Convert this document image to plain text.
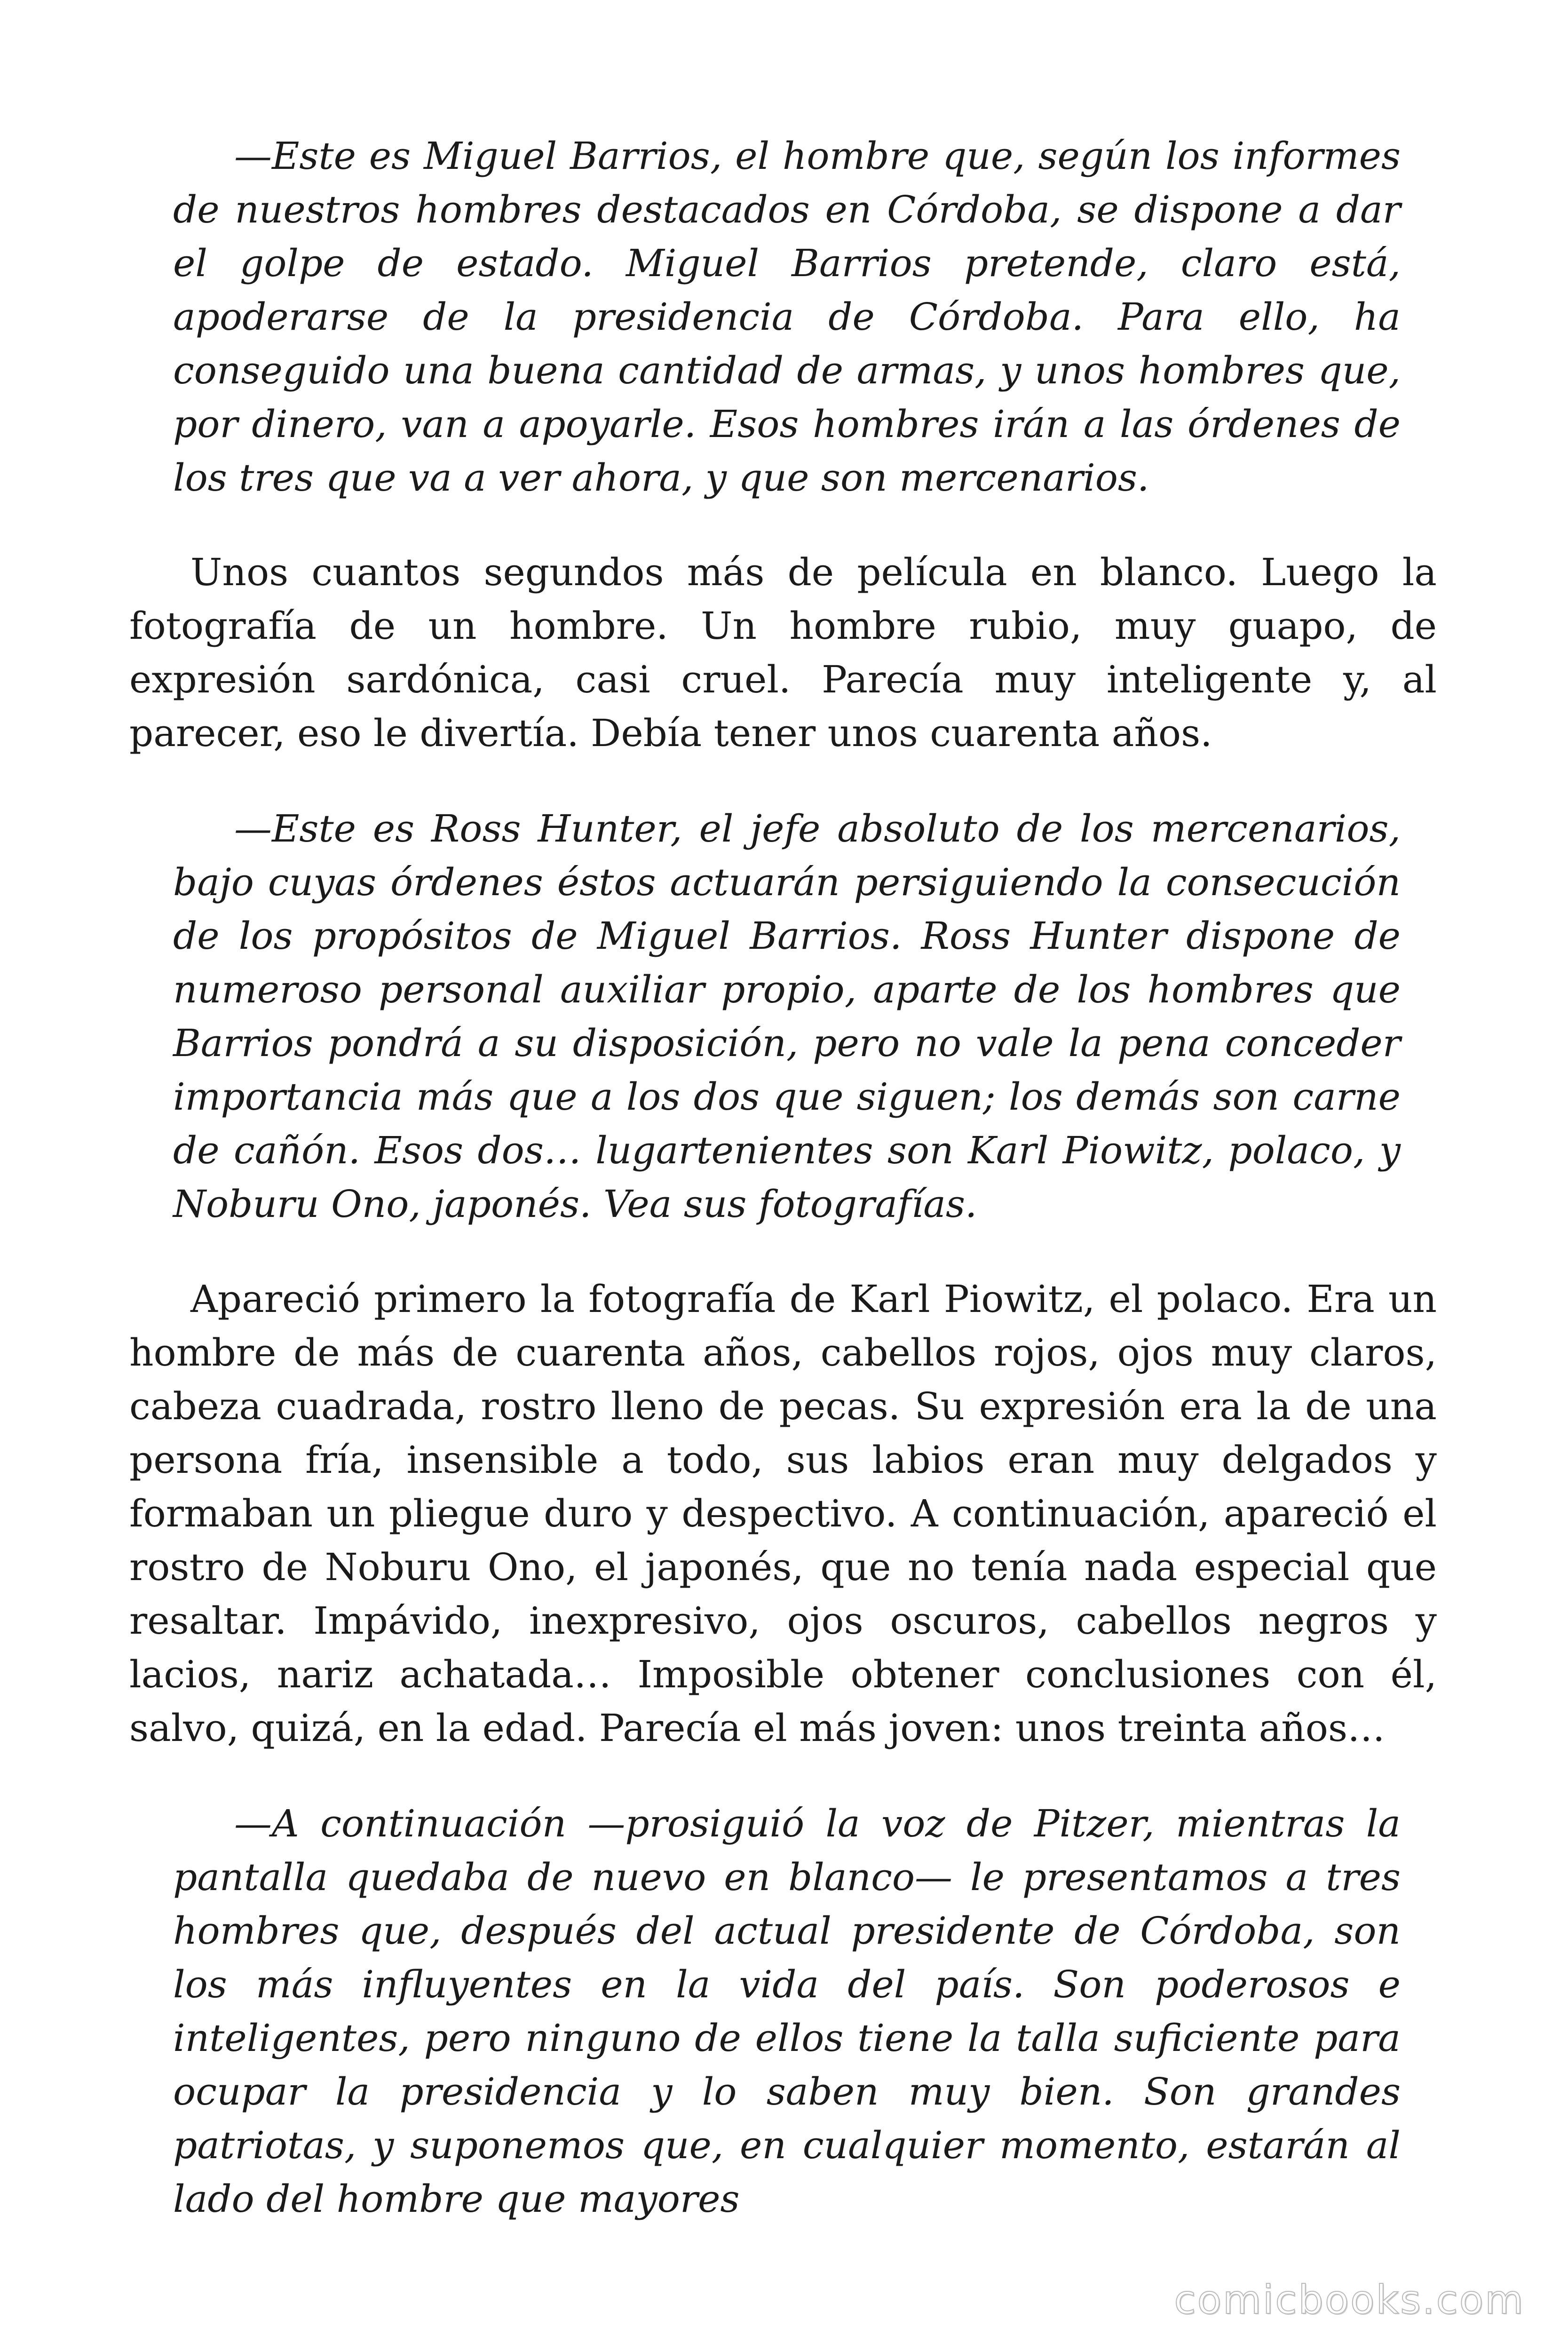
—Este es Miguel Barrios, el hombre que, según los informes de nuestros hombres destacados en Córdoba, se dispone a dar el golpe de estado. Miguel Barrios pretende, claro está, apoderarse de la presidencia de Córdoba. Para ello, ha conseguido una buena cantidad de armas, y unos hombres que, por dinero, van a apoyarle. Esos hombres irán a las órdenes de los tres que va a ver ahora, y que son mercenarios.

Unos cuantos segundos más de película en blanco. Luego la fotografía de un hombre. Un hombre rubio, muy guapo, de expresión sardónica, casi cruel. Parecía muy inteligente y, al parecer, eso le divertía. Debía tener unos cuarenta años.

—Este es Ross Hunter, el jefe absoluto de los mercenarios, bajo cuyas órdenes éstos actuarán persiguiendo la consecución de los propósitos de Miguel Barrios. Ross Hunter dispone de numeroso personal auxiliar propio, aparte de los hombres que Barrios pondrá a su disposición, pero no vale la pena conceder importancia más que a los dos que siguen; los demás son carne de cañón. Esos dos… lugartenientes son Karl Piowitz, polaco, y Noburu Ono, japonés. Vea sus fotografías.

Apareció primero la fotografía de Karl Piowitz, el polaco. Era un hombre de más de cuarenta años, cabellos rojos, ojos muy claros, cabeza cuadrada, rostro lleno de pecas. Su expresión era la de una persona fría, insensible a todo, sus labios eran muy delgados y formaban un pliegue duro y despectivo. A continuación, apareció el rostro de Noburu Ono, el japonés, que no tenía nada especial que resaltar. Impávido, inexpresivo, ojos oscuros, cabellos negros y lacios, nariz achatada… Imposible obtener conclusiones con él, salvo, quizá, en la edad. Parecía el más joven: unos treinta años…

—A continuación —prosiguió la voz de Pitzer, mientras la pantalla quedaba de nuevo en blanco— le presentamos a tres hombres que, después del actual presidente de Córdoba, son los más influyentes en la vida del país. Son poderosos e inteligentes, pero ninguno de ellos tiene la talla suficiente para ocupar la presidencia y lo saben muy bien. Son grandes patriotas, y suponemos que, en cualquier momento, estarán al lado del hombre que mayores

comicbooks.com
